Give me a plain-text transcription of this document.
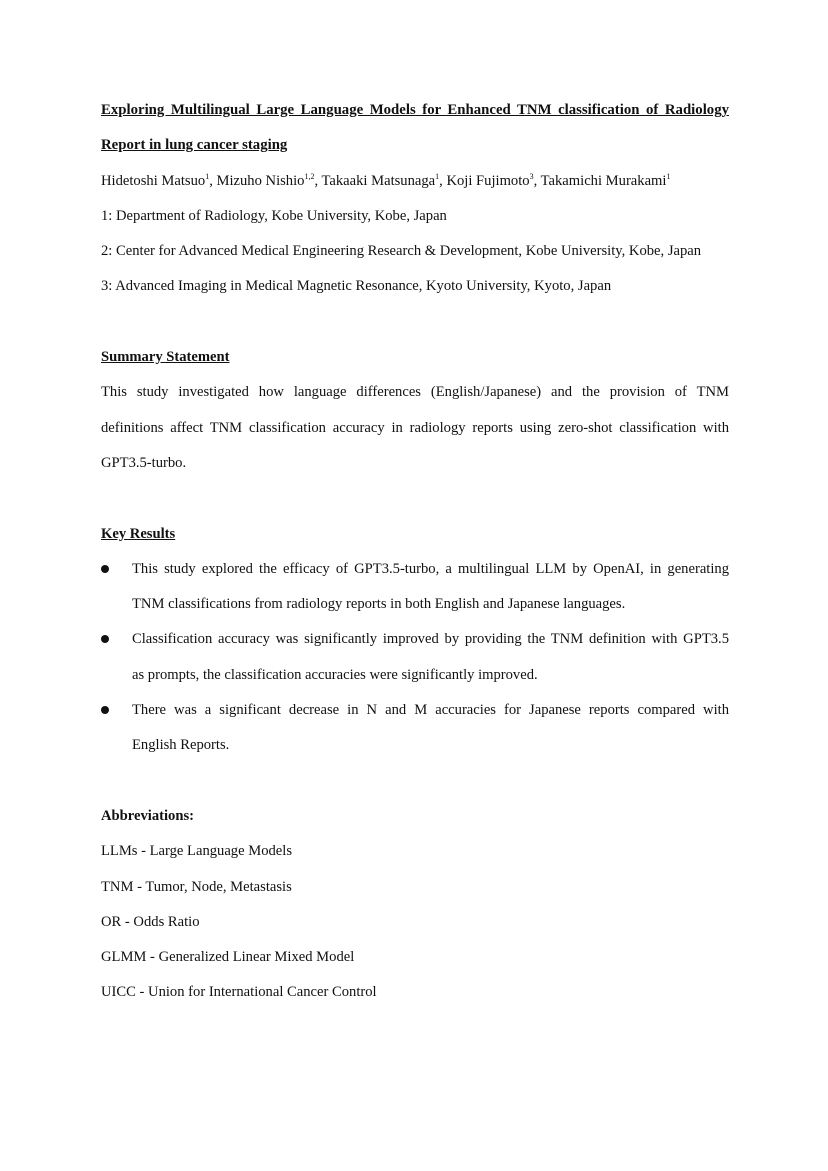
Exploring Multilingual Large Language Models for Enhanced TNM classification of Radiology
Report in lung cancer staging
Hidetoshi Matsuo$^1$, Mizuho Nishio$^{1,2}$, Takaaki Matsunaga$^1$, Koji Fujimoto$^3$, Takamichi Murakami$^1$
1: Department of Radiology, Kobe University, Kobe, Japan
2: Center for Advanced Medical Engineering Research & Development, Kobe University, Kobe, Japan
3: Advanced Imaging in Medical Magnetic Resonance, Kyoto University, Kyoto, Japan
Summary Statement
This study investigated how language differences (English/Japanese) and the provision of TNM
definitions affect TNM classification accuracy in radiology reports using zero-shot classification with
GPT3.5-turbo.
Key Results
This study explored the efficacy of GPT3.5-turbo, a multilingual LLM by OpenAI, in generating
TNM classifications from radiology reports in both English and Japanese languages.
Classification accuracy was significantly improved by providing the TNM definition with GPT3.5
as prompts, the classification accuracies were significantly improved.
There was a significant decrease in N and M accuracies for Japanese reports compared with
English Reports.
Abbreviations:
LLMs - Large Language Models
TNM - Tumor, Node, Metastasis
OR - Odds Ratio
GLMM - Generalized Linear Mixed Model
UICC - Union for International Cancer Control
